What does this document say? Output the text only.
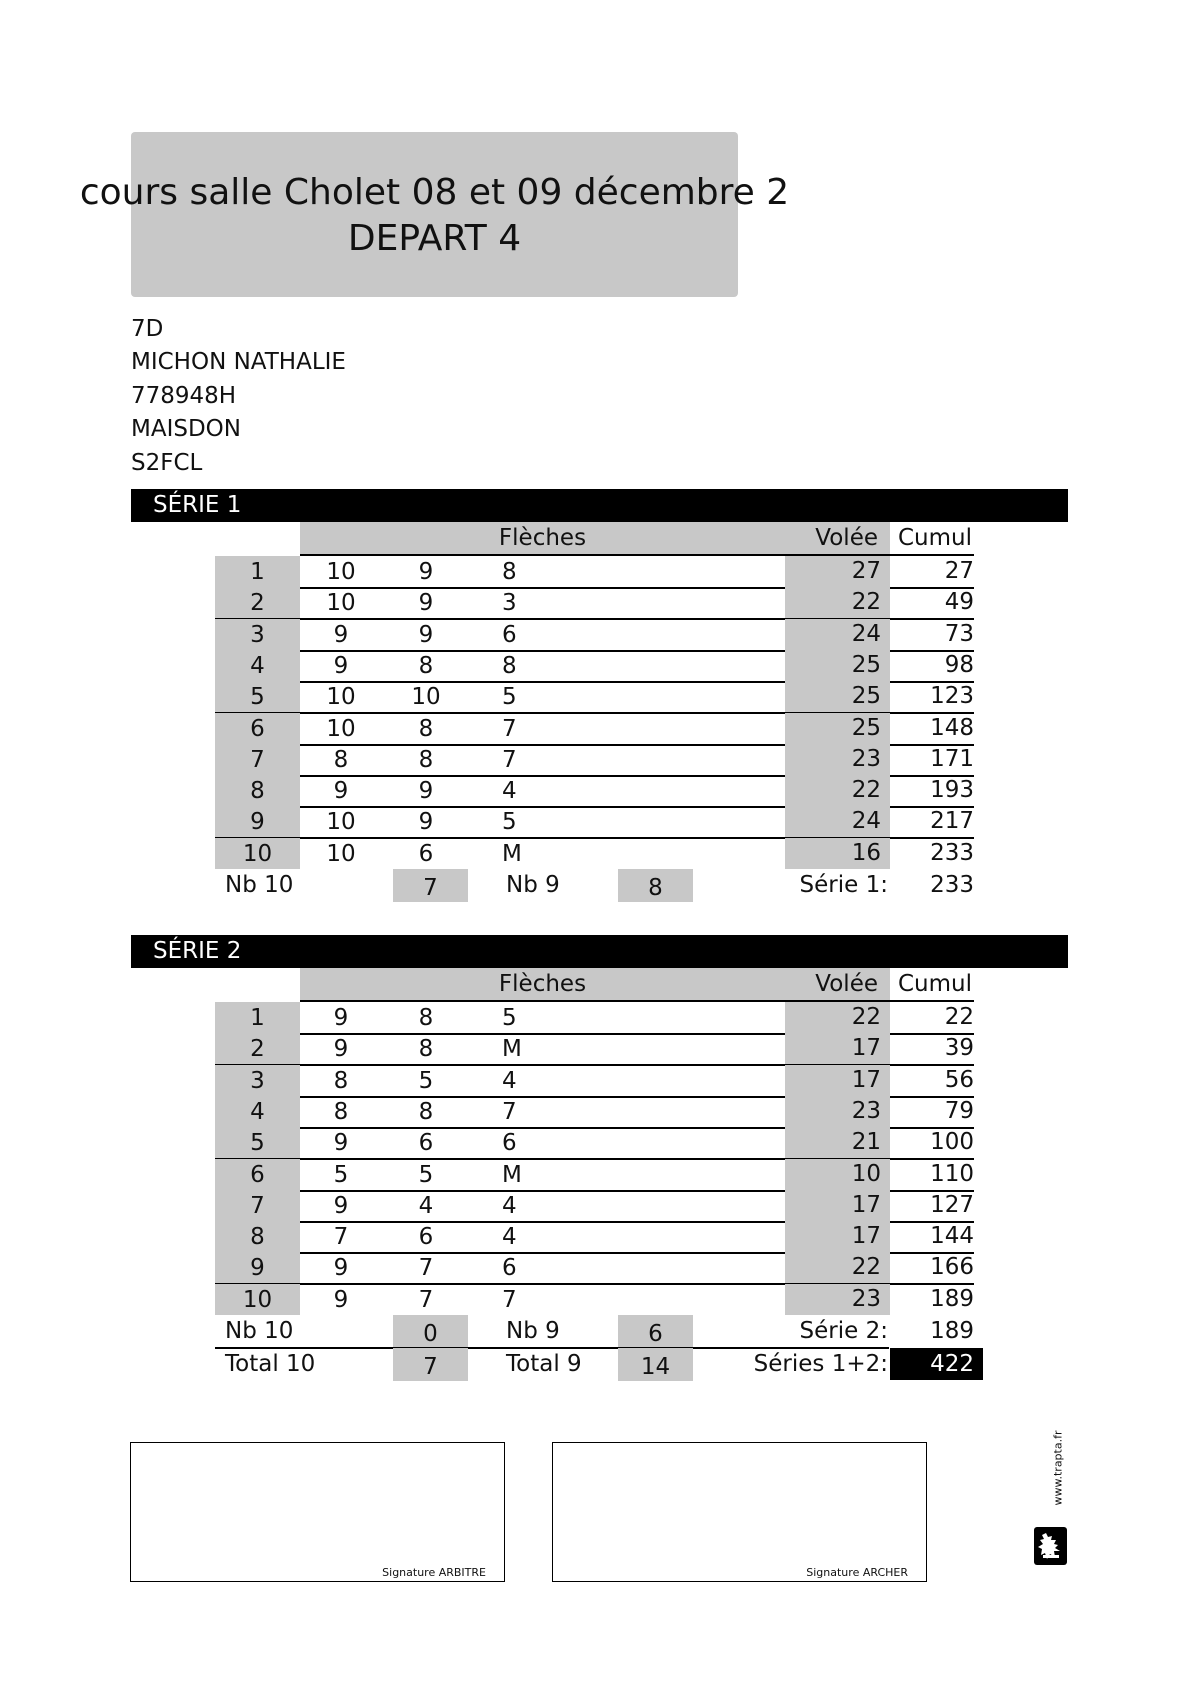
cours salle Cholet 08 et 09 décembre 2
DEPART 4
7D
MICHON NATHALIE
778948H
MAISDON
S2FCL
SÉRIE 1
Flèches	Volée Cumul
1	10	9	8	27	27
2	10	9	3	22	49
3	9	9	6	24	73
4	9	8	8	25	98
5	10	10	5	25	123
6	10	8	7	25	148
7	8	8	7	23	171
8	9	9	4	22	193
9	10	9	5	24	217
10	10	6	M	16	233
Nb 10	7	Nb 9	8	Série 1:	233
SÉRIE 2
Flèches	Volée Cumul
1	9	8	5	22	22
2	9	8	M	17	39
3	8	5	4	17	56
4	8	8	7	23	79
5	9	6	6	21	100
6	5	5	M	10	110
7	9	4	4	17	127
8	7	6	4	17	144
9	9	7	6	22	166
10	9	7	7	23	189
Nb 10	0	Nb 9	6	Série 2:	189
Total 10	7	Total 9	14	Séries 1+2:	422
Signature ARBITRE	Signature ARCHER
www.trapta.fr
